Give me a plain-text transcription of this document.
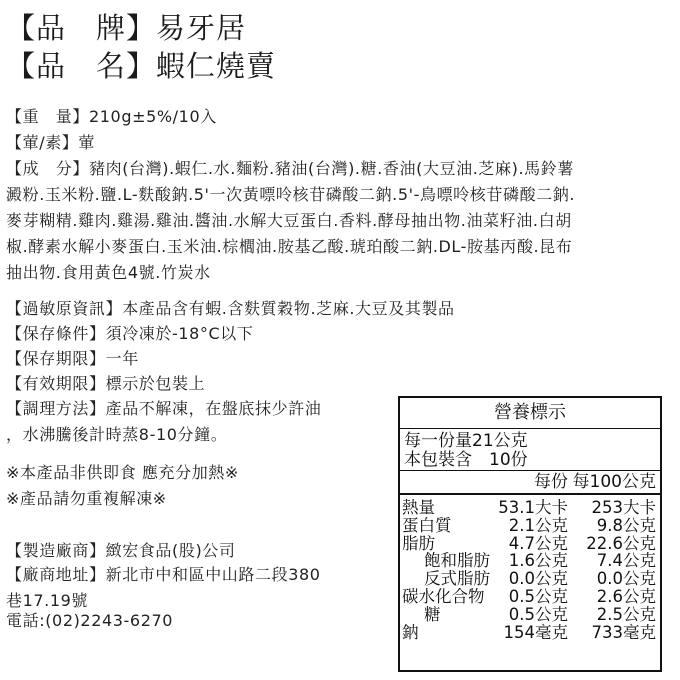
【品　牌】易牙居
【品　名】蝦仁燒賣
【重　量】210g±5%/10入
【葷/素】葷
【成　分】豬肉(台灣).蝦仁.水.麵粉.豬油(台灣).糖.香油(大豆油.芝麻).馬鈴薯
澱粉.玉米粉.鹽.L-麩酸鈉.5'一次黃嘌呤核苷磷酸二鈉.5'-鳥嘌呤核苷磷酸二鈉.
麥芽糊精.雞肉.雞湯.雞油.醬油.水解大豆蛋白.香料.酵母抽出物.油菜籽油.白胡
椒.酵素水解小麥蛋白.玉米油.棕櫚油.胺基乙酸.琥珀酸二鈉.DL-胺基丙酸.昆布
抽出物.食用黃色4號.竹炭水
【過敏原資訊】本產品含有蝦.含麩質穀物.芝麻.大豆及其製品
【保存條件】須冷凍於-18°C以下
【保存期限】一年
【有效期限】標示於包裝上
【調理方法】產品不解凍，在盤底抹少許油
，水沸騰後計時蒸8-10分鐘。
※本產品非供即食 應充分加熱※
※產品請勿重複解凍※
【製造廠商】緻宏食品(股)公司
【廠商地址】新北市中和區中山路二段380
巷17.19號
電話:(02)2243-6270
營養標示
每一份量21公克
本包裝含　10份
每份 每100公克
熱量	53.1大卡 253大卡
蛋白質	2.1公克 9.8公克
脂肪	4.7公克 22.6公克
飽和脂肪 1.6公克 7.4公克
反式脂肪 0.0公克 0.0公克
碳水化合物 0.5公克 2.6公克
糖	0.5公克 2.5公克
鈉	154毫克 733毫克
